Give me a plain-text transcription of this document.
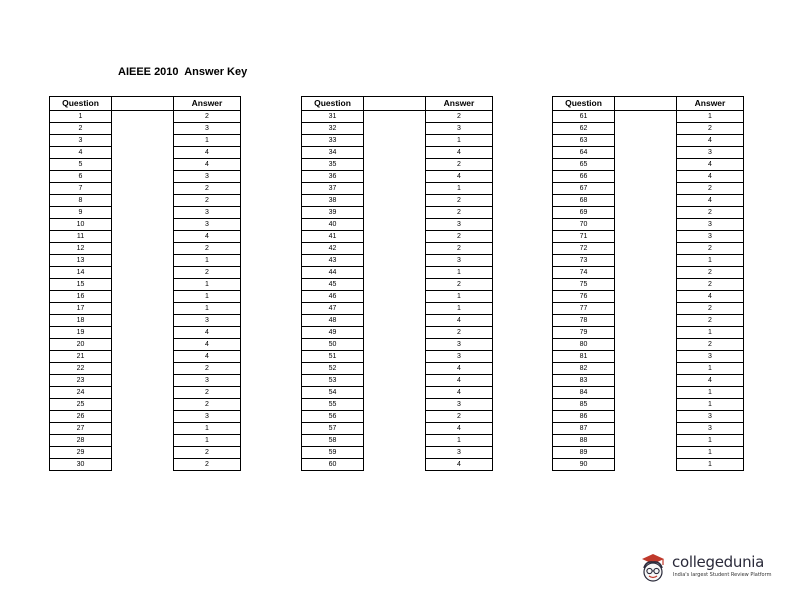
AIEEE 2010  Answer Key
Question		Answer
1		2
2		3
3		1
4		4
5		4
6		3
7		2
8		2
9		3
10		3
11		4
12		2
13		1
14		2
15		1
16		1
17		1
18		3
19		4
20		4
21		4
22		2
23		3
24		2
25		2
26		3
27		1
28		1
29		2
30		2
Question		Answer
31		2
32		3
33		1
34		4
35		2
36		4
37		1
38		2
39		2
40		3
41		2
42		2
43		3
44		1
45		2
46		1
47		1
48		4
49		2
50		3
51		3
52		4
53		4
54		4
55		3
56		2
57		4
58		1
59		3
60		4
Question		Answer
61		1
62		2
63		4
64		3
65		4
66		4
67		2
68		4
69		2
70		3
71		3
72		2
73		1
74		2
75		2
76		4
77		2
78		2
79		1
80		2
81		3
82		1
83		4
84		1
85		1
86		3
87		3
88		1
89		1
90		1
collegedunia
India's largest Student Review Platform
